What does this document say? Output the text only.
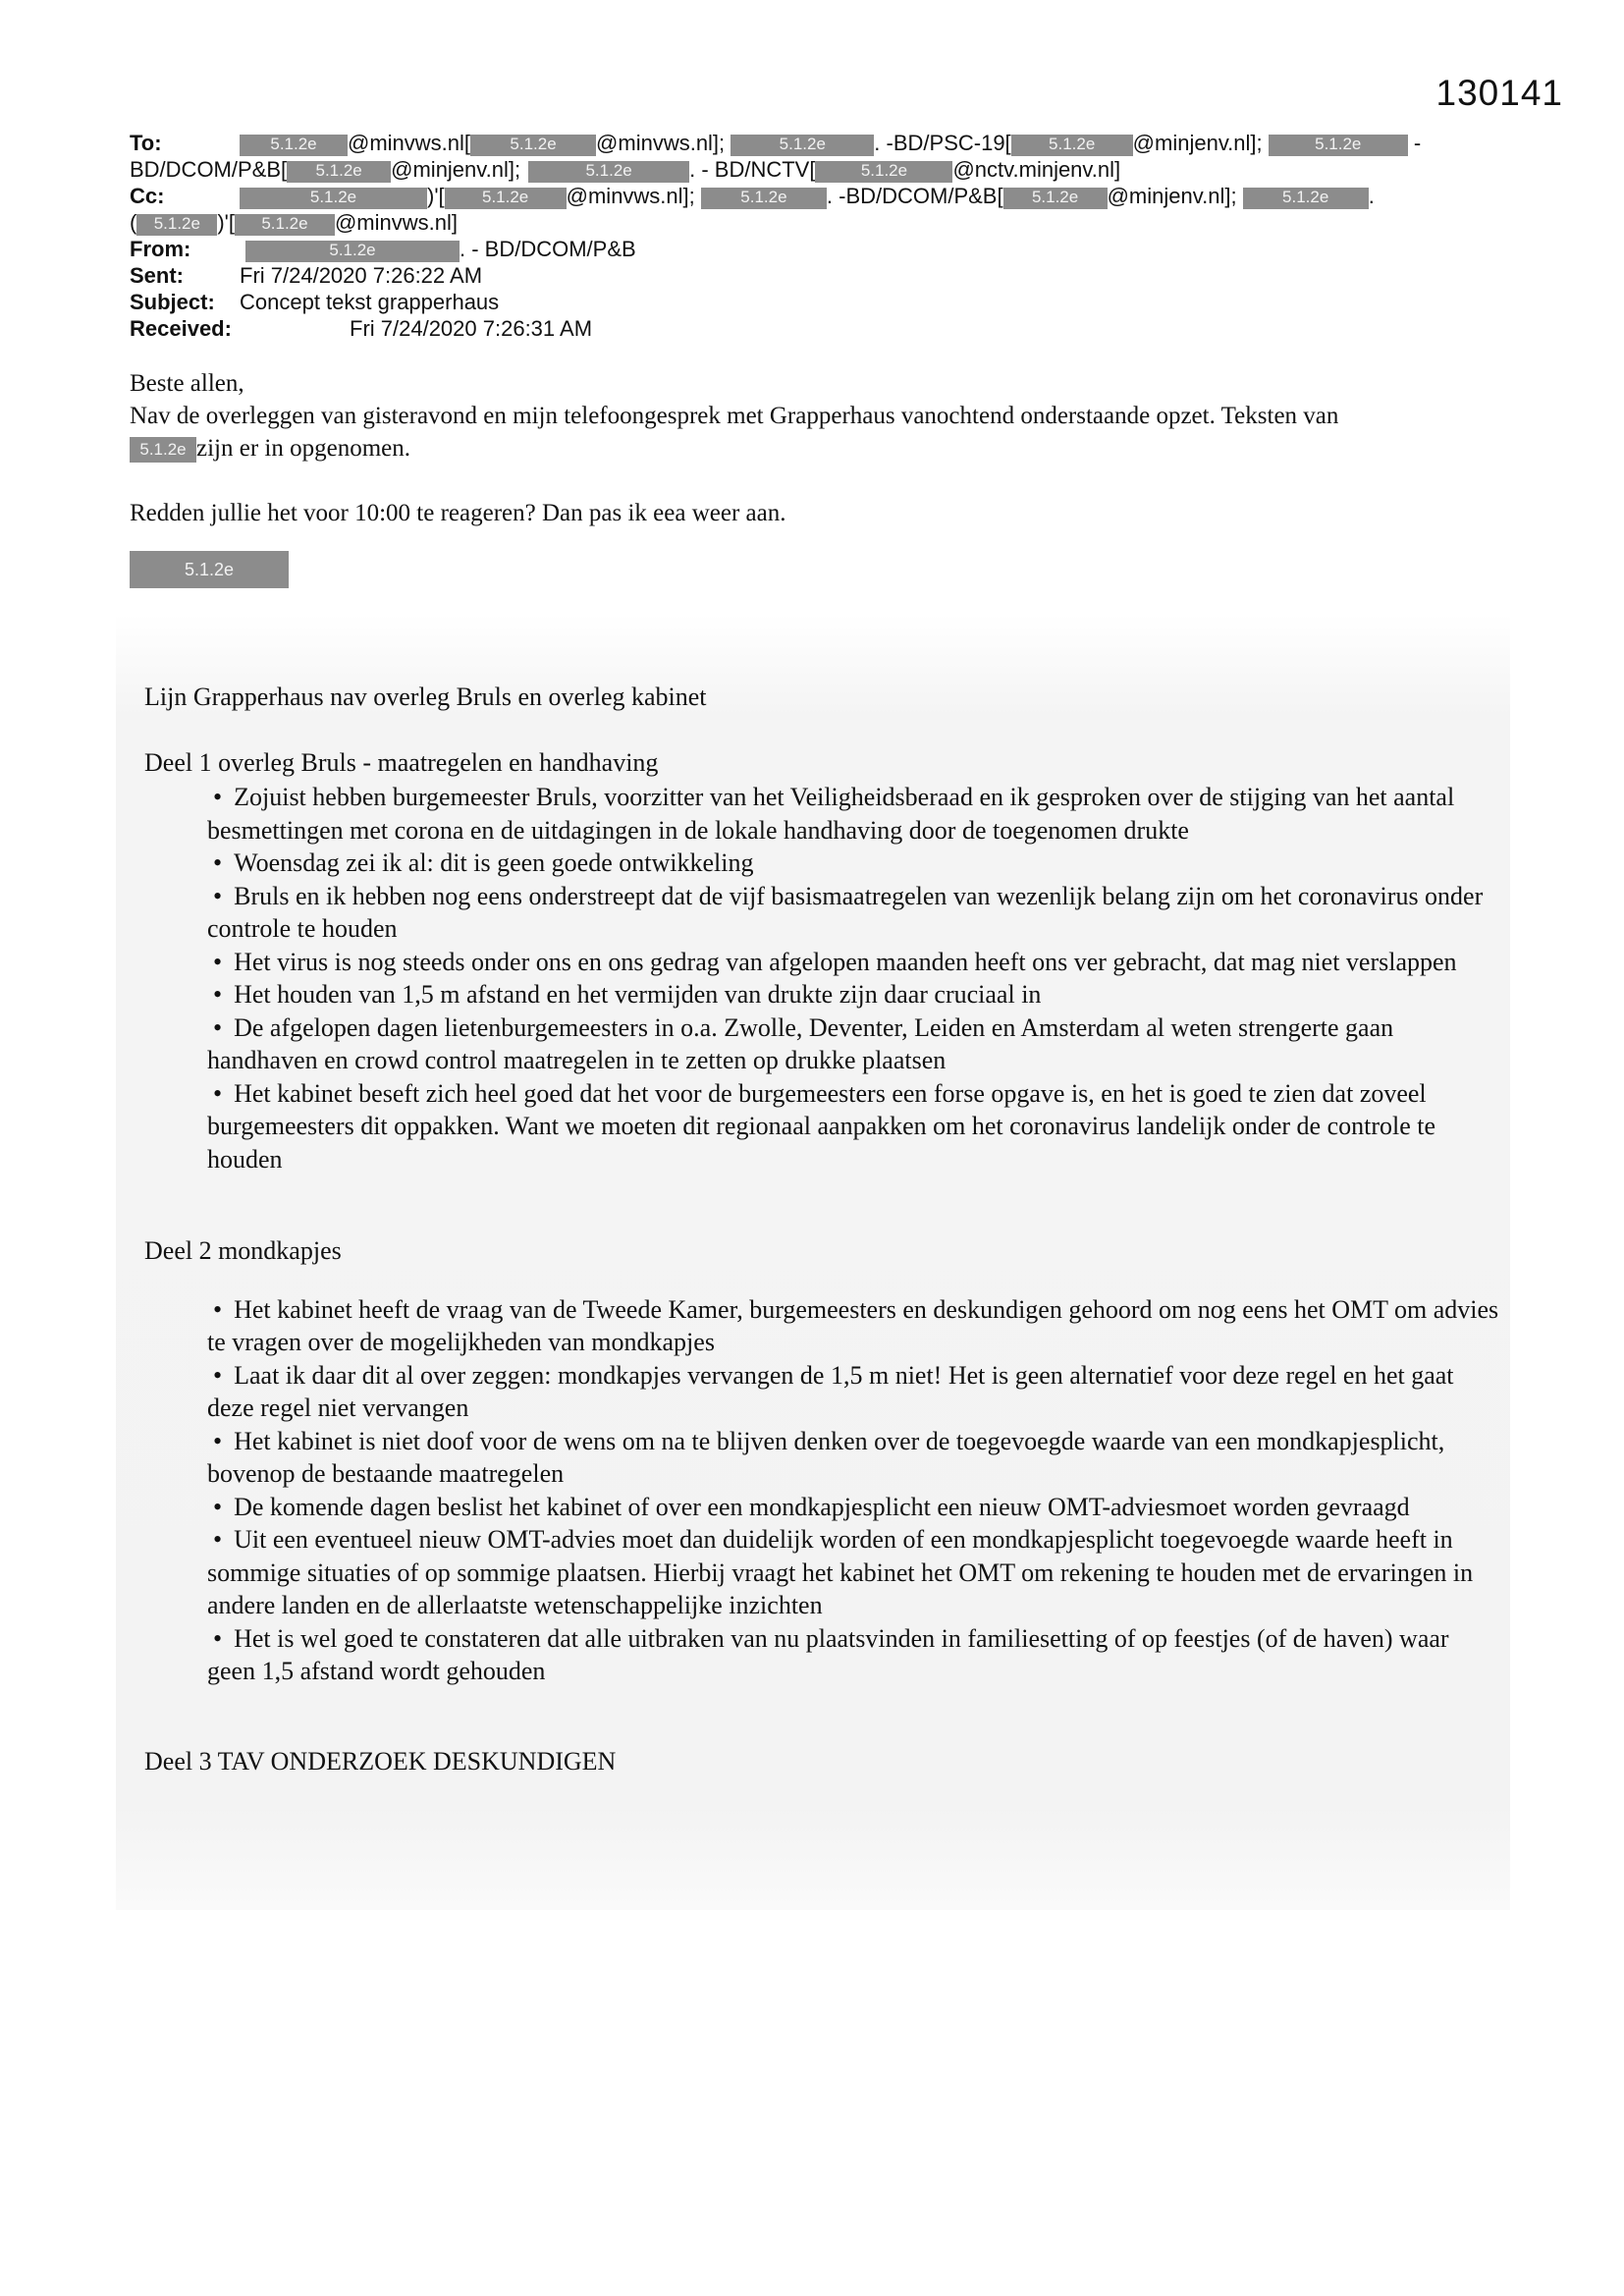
130141
To:	5.1.2e @minvws.nl[ 5.1.2e @minvws.nl];	5.1.2e . -BD/PSC-19[ 5.1.2e @minjenv.nl];	5.1.2e -
BD/DCOM/P&B[ 5.1.2e @minjenv.nl];	5.1.2e	. - BD/NCTV[	5.1.2e @nctv.minjenv.nl]
Cc:	5.1.2e	)'[ 5.1.2e @minvws.nl];	5.1.2e . -BD/DCOM/P&B[ 5.1.2e @minjenv.nl];	5.1.2e .
( 5.1.2e )'[ 5.1.2e @minvws.nl]
From:	5.1.2e	. - BD/DCOM/P&B
Sent:	Fri 7/24/2020 7:26:22 AM
Subject: Concept tekst grapperhaus
Received:	Fri 7/24/2020 7:26:31 AM
Beste allen,
Nav de overleggen van gisteravond en mijn telefoongesprek met Grapperhaus vanochtend onderstaande opzet. Teksten van
5.1.2e zijn er in opgenomen.
Redden jullie het voor 10:00 te reageren? Dan pas ik eea weer aan.
5.1.2e

Lijn Grapperhaus nav overleg Bruls en overleg kabinet

Deel 1 overleg Bruls - maatregelen en handhaving

• Zojuist hebben burgemeester Bruls, voorzitter van het Veiligheidsberaad en ik gesproken over de stijging van het aantal besmettingen met corona en de uitdagingen in de lokale handhaving door de toegenomen drukte
• Woensdag zei ik al: dit is geen goede ontwikkeling
• Bruls en ik hebben nog eens onderstreept dat de vijf basismaatregelen van wezenlijk belang zijn om het coronavirus onder controle te houden
• Het virus is nog steeds onder ons en ons gedrag van afgelopen maanden heeft ons ver gebracht, dat mag niet verslappen
• Het houden van 1,5 m afstand en het vermijden van drukte zijn daar cruciaal in
• De afgelopen dagen lietenburgemeesters in o.a. Zwolle, Deventer, Leiden en Amsterdam al weten strengerte gaan handhaven en crowd control maatregelen in te zetten op drukke plaatsen
• Het kabinet beseft zich heel goed dat het voor de burgemeesters een forse opgave is, en het is goed te zien dat zoveel burgemeesters dit oppakken. Want we moeten dit regionaal aanpakken om het coronavirus landelijk onder de controle te houden

Deel 2 mondkapjes

• Het kabinet heeft de vraag van de Tweede Kamer, burgemeesters en deskundigen gehoord om nog eens het OMT om advies te vragen over de mogelijkheden van mondkapjes
• Laat ik daar dit al over zeggen: mondkapjes vervangen de 1,5 m niet! Het is geen alternatief voor deze regel en het gaat deze regel niet vervangen
• Het kabinet is niet doof voor de wens om na te blijven denken over de toegevoegde waarde van een mondkapjesplicht, bovenop de bestaande maatregelen
• De komende dagen beslist het kabinet of over een mondkapjesplicht een nieuw OMT-adviesmoet worden gevraagd
• Uit een eventueel nieuw OMT-advies moet dan duidelijk worden of een mondkapjesplicht toegevoegde waarde heeft in sommige situaties of op sommige plaatsen. Hierbij vraagt het kabinet het OMT om rekening te houden met de ervaringen in andere landen en de allerlaatste wetenschappelijke inzichten
• Het is wel goed te constateren dat alle uitbraken van nu plaatsvinden in familiesetting of op feestjes (of de haven) waar geen 1,5 afstand wordt gehouden

Deel 3 TAV ONDERZOEK DESKUNDIGEN
